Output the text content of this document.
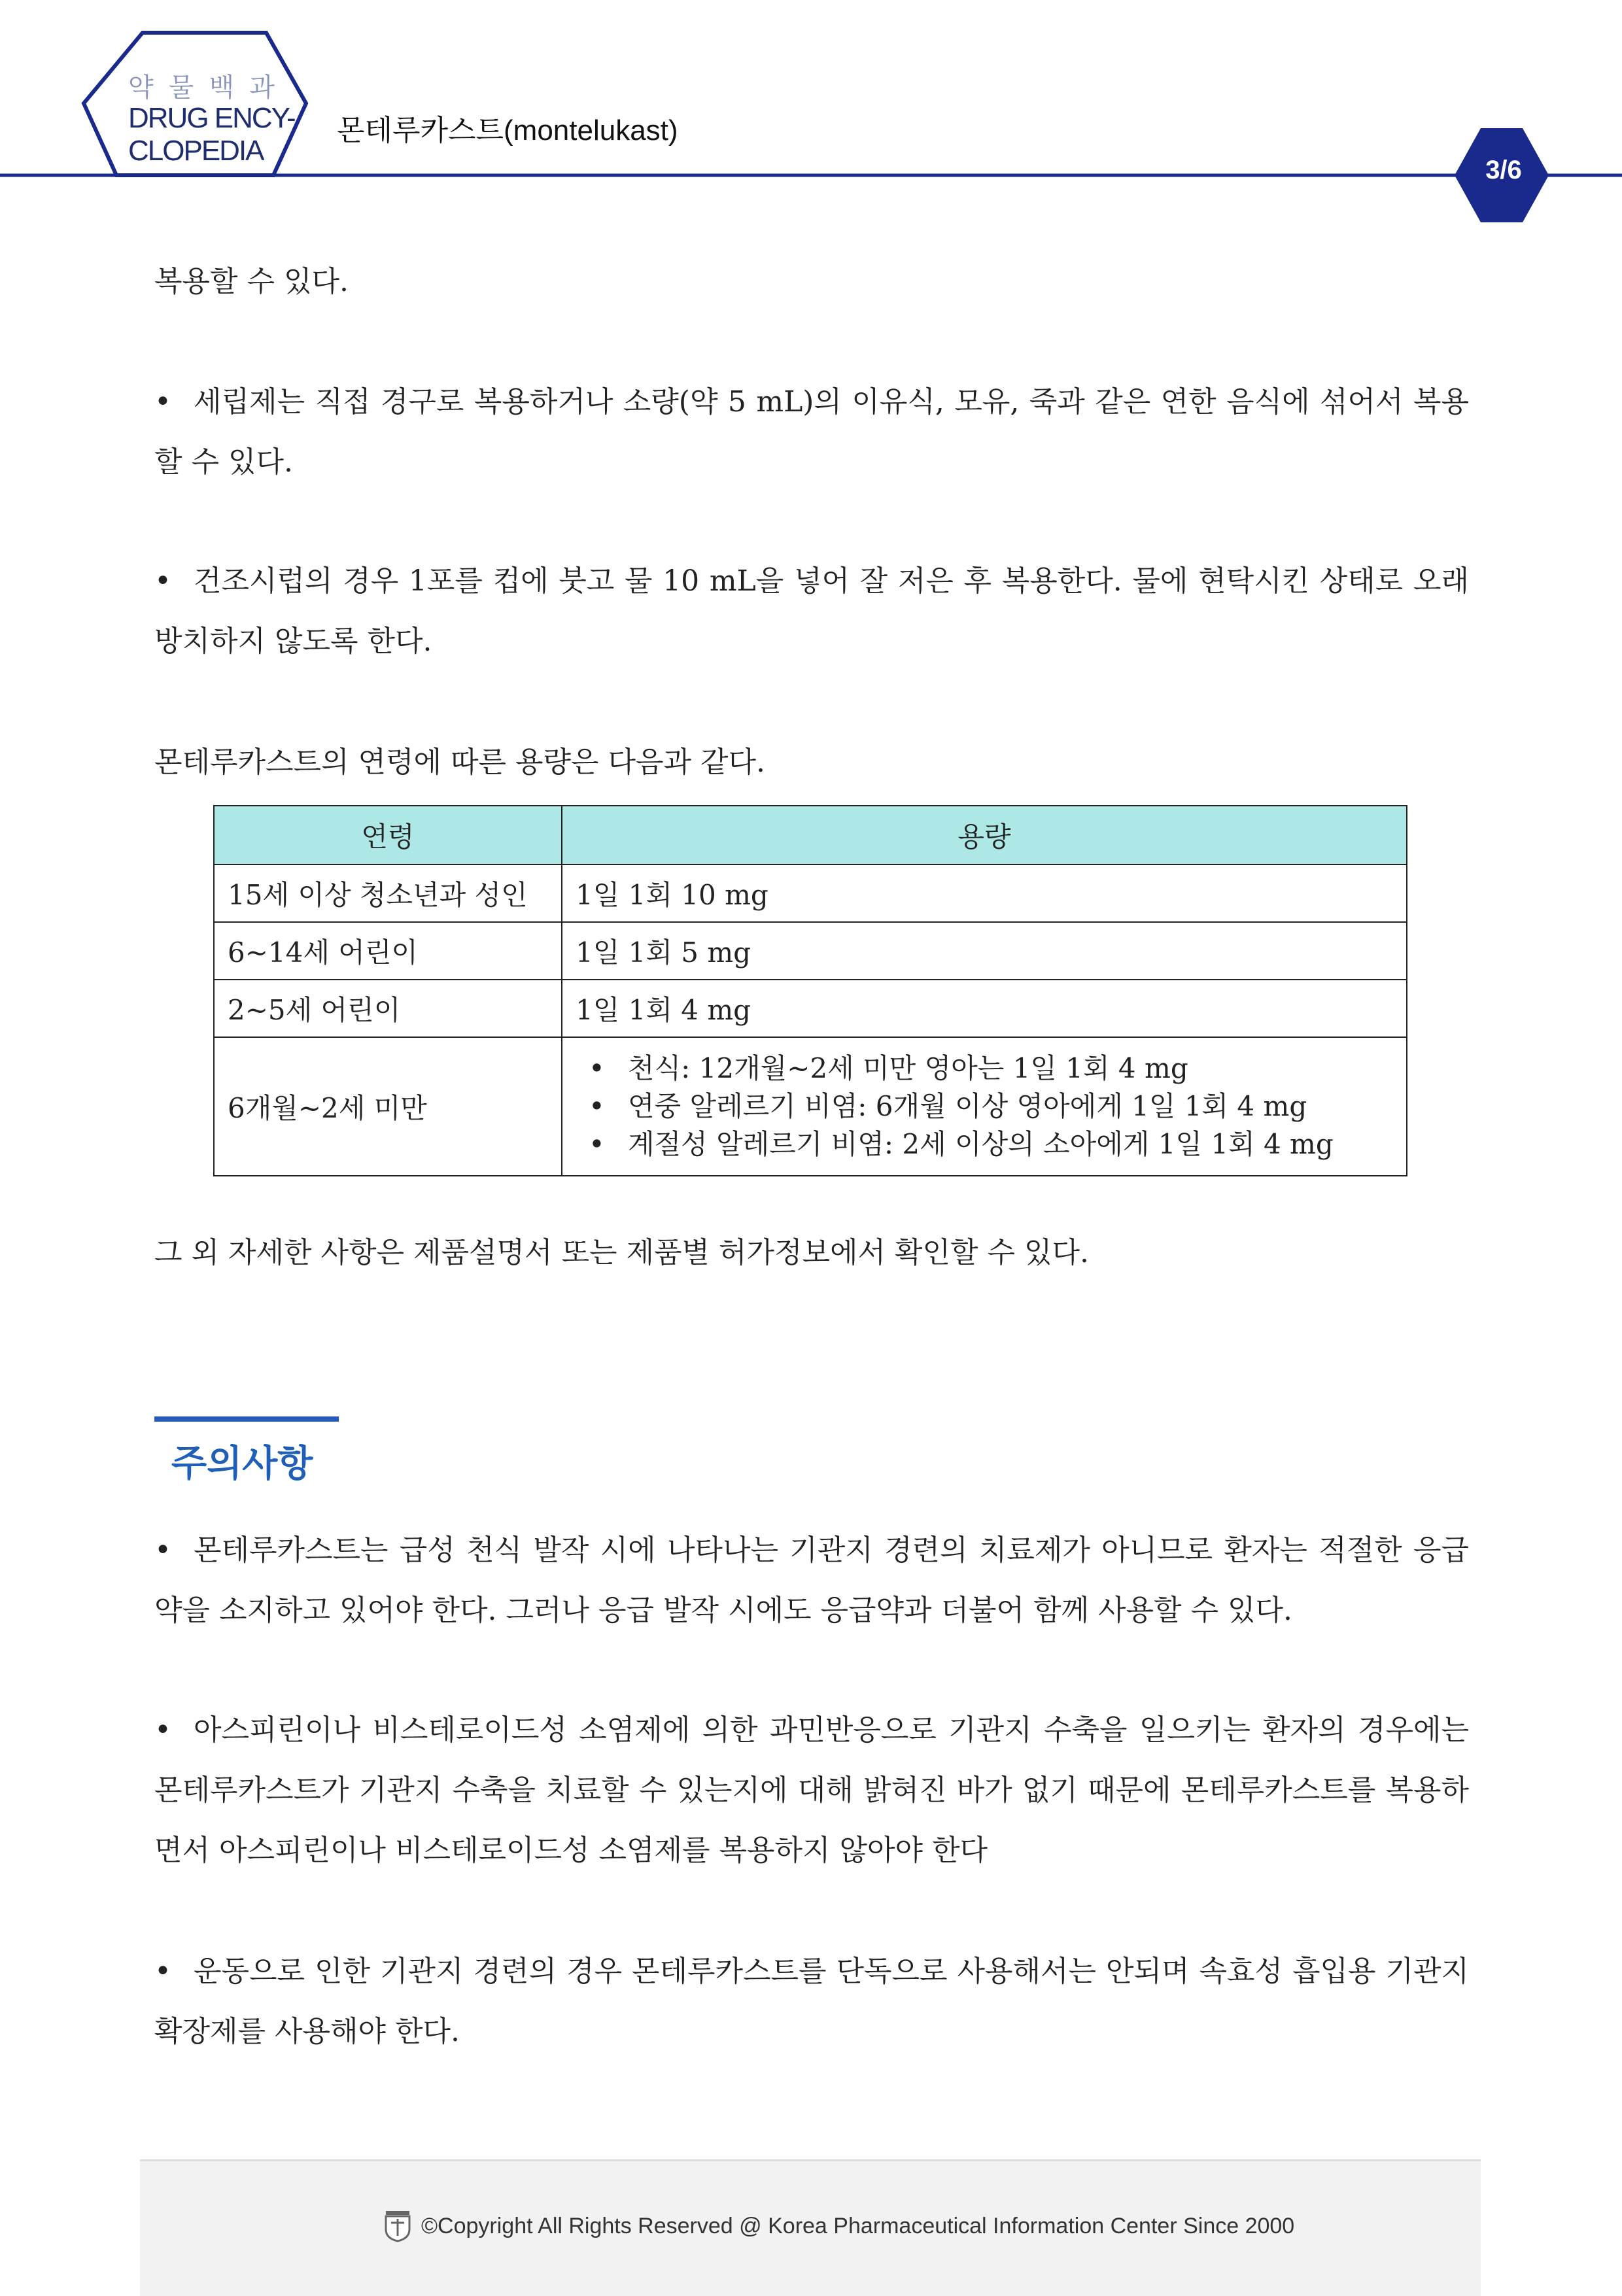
약 물 백 과
DRUG ENCY-
CLOPEDIA
몬테루카스트(montelukast)
3/6

복용할 수 있다.

• 세립제는 직접 경구로 복용하거나 소량(약 5 mL)의 이유식, 모유, 죽과 같은 연한 음식에 섞어서 복용할 수 있다.

• 건조시럽의 경우 1포를 컵에 붓고 물 10 mL을 넣어 잘 저은 후 복용한다. 물에 현탁시킨 상태로 오래 방치하지 않도록 한다.

몬테루카스트의 연령에 따른 용량은 다음과 같다.

연령	용량
15세 이상 청소년과 성인	1일 1회 10 mg
6~14세 어린이	1일 1회 5 mg
2~5세 어린이	1일 1회 4 mg
6개월~2세 미만	• 천식: 12개월~2세 미만 영아는 1일 1회 4 mg
• 연중 알레르기 비염: 6개월 이상 영아에게 1일 1회 4 mg
• 계절성 알레르기 비염: 2세 이상의 소아에게 1일 1회 4 mg

그 외 자세한 사항은 제품설명서 또는 제품별 허가정보에서 확인할 수 있다.

주의사항

• 몬테루카스트는 급성 천식 발작 시에 나타나는 기관지 경련의 치료제가 아니므로 환자는 적절한 응급약을 소지하고 있어야 한다. 그러나 응급 발작 시에도 응급약과 더불어 함께 사용할 수 있다.

• 아스피린이나 비스테로이드성 소염제에 의한 과민반응으로 기관지 수축을 일으키는 환자의 경우에는 몬테루카스트가 기관지 수축을 치료할 수 있는지에 대해 밝혀진 바가 없기 때문에 몬테루카스트를 복용하면서 아스피린이나 비스테로이드성 소염제를 복용하지 않아야 한다

• 운동으로 인한 기관지 경련의 경우 몬테루카스트를 단독으로 사용해서는 안되며 속효성 흡입용 기관지 확장제를 사용해야 한다.

©Copyright All Rights Reserved @ Korea Pharmaceutical Information Center Since 2000
